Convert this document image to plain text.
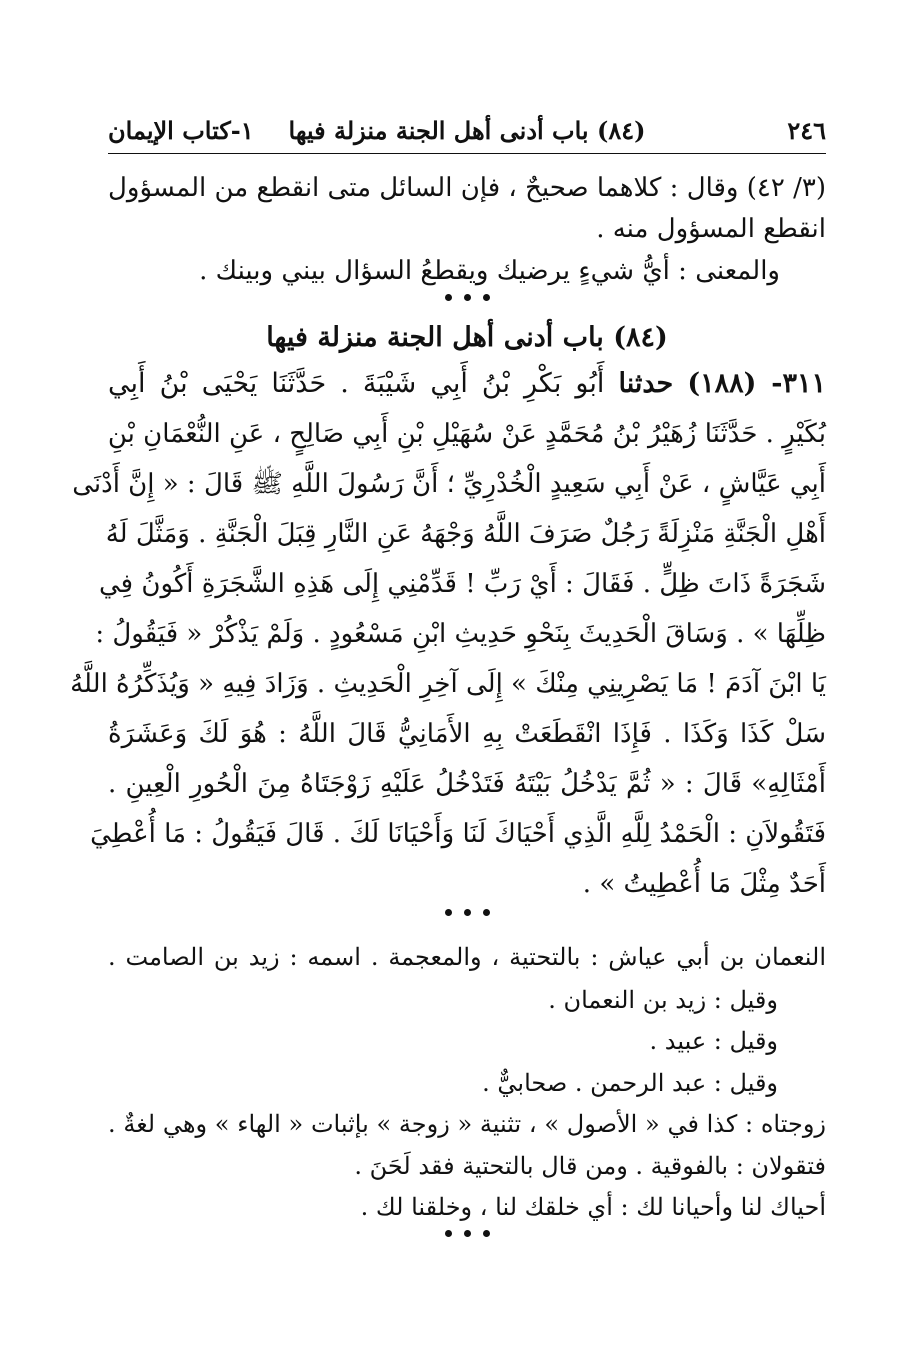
٢٤٦
(٨٤) باب أدنى أهل الجنة منزلة فيها
١-كتاب الإيمان
(٣/ ٤٢) وقال : كلاهما صحيحٌ ، فإن السائل متى انقطع من المسؤول
انقطع المسؤول منه .
والمعنى : أيُّ شيءٍ يرضيك ويقطعُ السؤال بيني وبينك .
(٨٤) باب أدنى أهل الجنة منزلة فيها
٣١١- (١٨٨) حدثنا أَبُو بَكْرِ بْنُ أَبِي شَيْبَةَ . حَدَّثَنَا يَحْيَى بْنُ أَبِي
بُكَيْرٍ . حَدَّثَنَا زُهَيْرُ بْنُ مُحَمَّدٍ عَنْ سُهَيْلِ بْنِ أَبِي صَالِحٍ ، عَنِ النُّعْمَانِ بْنِ
أَبِي عَيَّاشٍ ، عَنْ أَبِي سَعِيدٍ الْخُدْرِيِّ ؛ أَنَّ رَسُولَ اللَّهِ ﷺ قَالَ : « إِنَّ أَدْنَى
أَهْلِ الْجَنَّةِ مَنْزِلَةً رَجُلٌ صَرَفَ اللَّهُ وَجْهَهُ عَنِ النَّارِ قِبَلَ الْجَنَّةِ . وَمَثَّلَ لَهُ
شَجَرَةً ذَاتَ ظِلٍّ . فَقَالَ : أَيْ رَبِّ ! قَدِّمْنِي إِلَى هَذِهِ الشَّجَرَةِ أَكُونُ فِي
ظِلِّهَا » . وَسَاقَ الْحَدِيثَ بِنَحْوِ حَدِيثِ ابْنِ مَسْعُودٍ . وَلَمْ يَذْكُرْ « فَيَقُولُ :
يَا ابْنَ آدَمَ ! مَا يَصْرِينِي مِنْكَ » إِلَى آخِرِ الْحَدِيثِ . وَزَادَ فِيهِ « وَيُذَكِّرُهُ اللَّهُ
سَلْ كَذَا وَكَذَا . فَإِذَا انْقَطَعَتْ بِهِ الأَمَانِيُّ قَالَ اللَّهُ : هُوَ لَكَ وَعَشَرَةُ
أَمْثَالِهِ» قَالَ : « ثُمَّ يَدْخُلُ بَيْتَهُ فَتَدْخُلُ عَلَيْهِ زَوْجَتَاهُ مِنَ الْحُورِ الْعِينِ .
فَتَقُولاَنِ : الْحَمْدُ لِلَّهِ الَّذِي أَحْيَاكَ لَنَا وَأَحْيَانَا لَكَ . قَالَ فَيَقُولُ : مَا أُعْطِيَ
أَحَدٌ مِثْلَ مَا أُعْطِيتُ » .
النعمان بن أبي عياش : بالتحتية ، والمعجمة . اسمه : زيد بن الصامت .
وقيل : زيد بن النعمان .
وقيل : عبيد .
وقيل : عبد الرحمن . صحابيٌّ .
زوجتاه : كذا في « الأصول » ، تثنية « زوجة » بإثبات « الهاء » وهي لغةٌ .
فتقولان : بالفوقية . ومن قال بالتحتية فقد لَحَنَ .
أحياك لنا وأحيانا لك : أي خلقك لنا ، وخلقنا لك .
